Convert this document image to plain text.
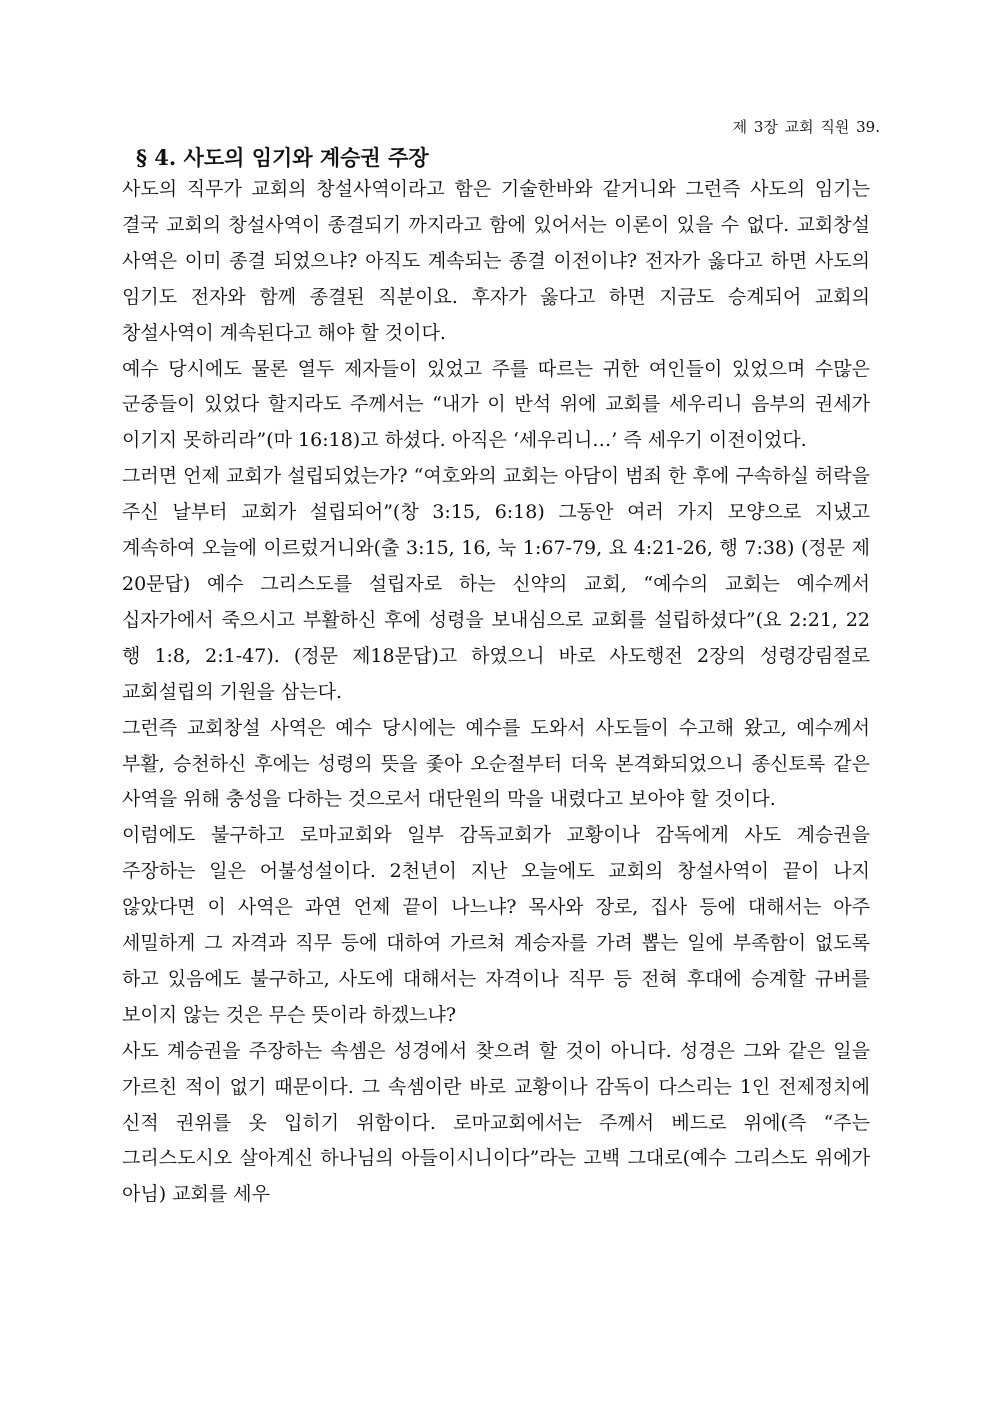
제 3장 교회 직원 39.
§ 4. 사도의 임기와 계승권 주장

사도의 직무가 교회의 창설사역이라고 함은 기술한바와 같거니와 그런즉 사도의 임기는 결국 교회의 창설사역이 종결되기 까지라고 함에 있어서는 이론이 있을 수 없다. 교회창설 사역은 이미 종결 되었으냐? 아직도 계속되는 종결 이전이냐? 전자가 옳다고 하면 사도의 임기도 전자와 함께 종결된 직분이요. 후자가 옳다고 하면 지금도 승계되어 교회의 창설사역이 계속된다고 해야 할 것이다.

예수 당시에도 물론 열두 제자들이 있었고 주를 따르는 귀한 여인들이 있었으며 수많은 군중들이 있었다 할지라도 주께서는 “내가 이 반석 위에 교회를 세우리니 음부의 권세가 이기지 못하리라”(마 16:18)고 하셨다. 아직은 ‘세우리니…’ 즉 세우기 이전이었다.

그러면 언제 교회가 설립되었는가? “여호와의 교회는 아담이 범죄 한 후에 구속하실 허락을 주신 날부터 교회가 설립되어”(창 3:15, 6:18) 그동안 여러 가지 모양으로 지냈고 계속하여 오늘에 이르렀거니와(출 3:15, 16, 눅 1:67-79, 요 4:21-26, 행 7:38) (정문 제 20문답) 예수 그리스도를 설립자로 하는 신약의 교회, “예수의 교회는 예수께서 십자가에서 죽으시고 부활하신 후에 성령을 보내심으로 교회를 설립하셨다”(요 2:21, 22 행 1:8, 2:1-47). (정문 제18문답)고 하였으니 바로 사도행전 2장의 성령강림절로 교회설립의 기원을 삼는다.

그런즉 교회창설 사역은 예수 당시에는 예수를 도와서 사도들이 수고해 왔고, 예수께서 부활, 승천하신 후에는 성령의 뜻을 좇아 오순절부터 더욱 본격화되었으니 종신토록 같은 사역을 위해 충성을 다하는 것으로서 대단원의 막을 내렸다고 보아야 할 것이다.

이럼에도 불구하고 로마교회와 일부 감독교회가 교황이나 감독에게 사도 계승권을 주장하는 일은 어불성설이다. 2천년이 지난 오늘에도 교회의 창설사역이 끝이 나지 않았다면 이 사역은 과연 언제 끝이 나느냐? 목사와 장로, 집사 등에 대해서는 아주 세밀하게 그 자격과 직무 등에 대하여 가르쳐 계승자를 가려 뽑는 일에 부족함이 없도록 하고 있음에도 불구하고, 사도에 대해서는 자격이나 직무 등 전혀 후대에 승계할 규버를 보이지 않는 것은 무슨 뜻이라 하겠느냐?

사도 계승권을 주장하는 속셈은 성경에서 찾으려 할 것이 아니다. 성경은 그와 같은 일을 가르친 적이 없기 때문이다. 그 속셈이란 바로 교황이나 감독이 다스리는 1인 전제정치에 신적 권위를 옷 입히기 위함이다. 로마교회에서는 주께서 베드로 위에(즉 “주는 그리스도시오 살아계신 하나님의 아들이시니이다”라는 고백 그대로(예수 그리스도 위에가 아님) 교회를 세우
